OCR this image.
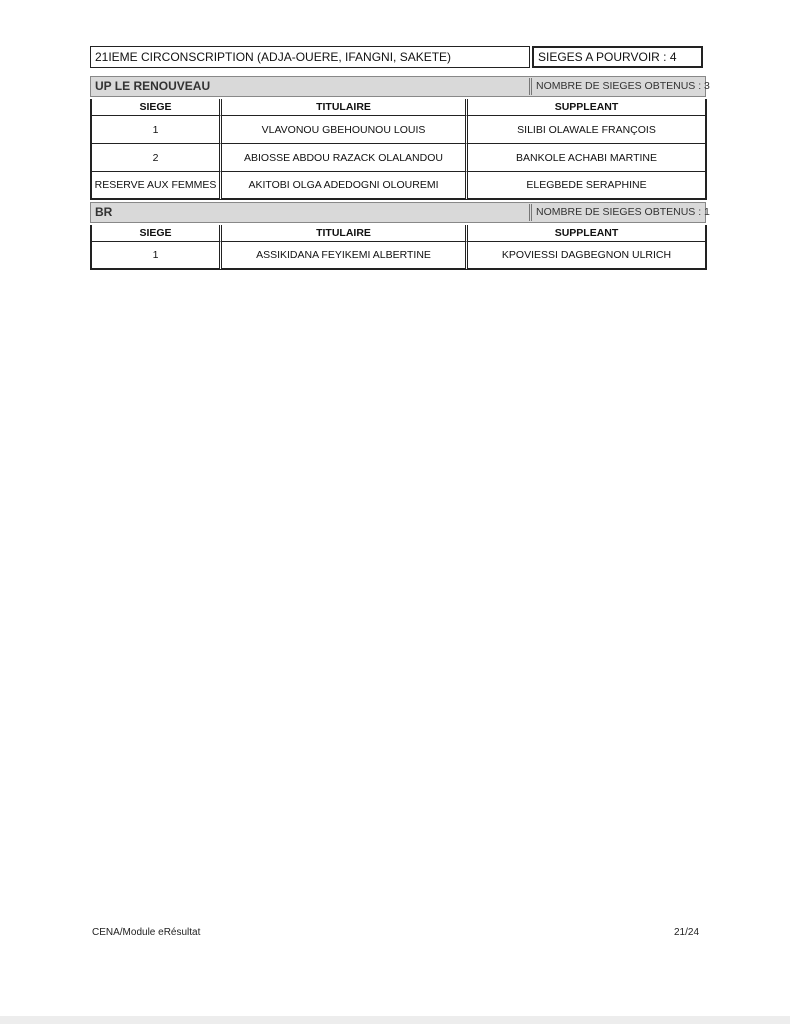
21IEME CIRCONSCRIPTION (ADJA-OUERE, IFANGNI, SAKETE)	SIEGES A POURVOIR : 4
UP LE RENOUVEAU	NOMBRE DE SIEGES OBTENUS : 3
SIEGE	TITULAIRE	SUPPLEANT
1	VLAVONOU GBEHOUNOU LOUIS	SILIBI OLAWALE FRANÇOIS
2	ABIOSSE ABDOU RAZACK OLALANDOU	BANKOLE ACHABI MARTINE
RESERVE AUX FEMMES	AKITOBI OLGA ADEDOGNI OLOUREMI	ELEGBEDE SERAPHINE
BR	NOMBRE DE SIEGES OBTENUS : 1
SIEGE	TITULAIRE	SUPPLEANT
1	ASSIKIDANA FEYIKEMI ALBERTINE	KPOVIESSI DAGBEGNON ULRICH
CENA/Module eRésultat	21/24
